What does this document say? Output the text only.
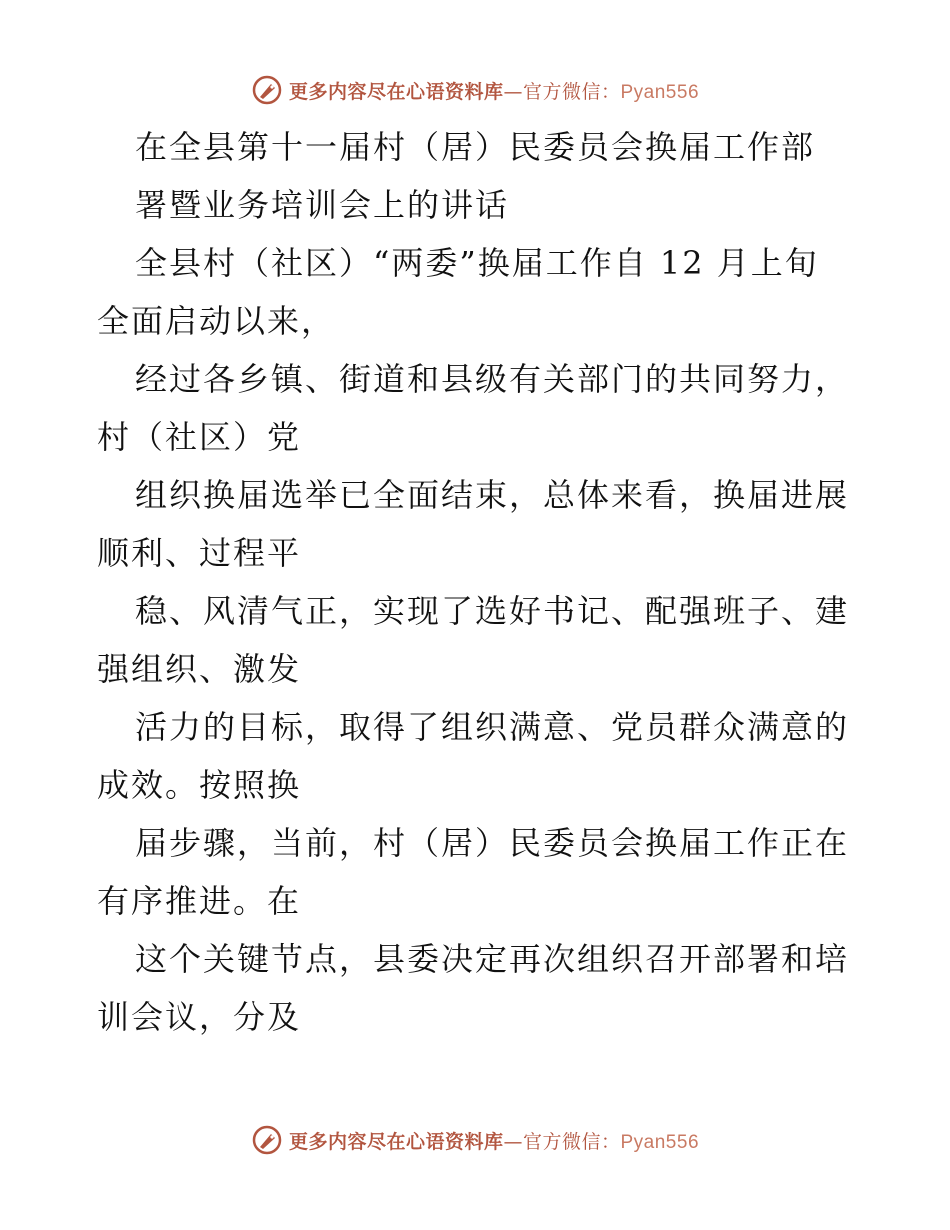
更多内容尽在心语资料库—官方微信：Pyan556
在全县第十一届村（居）民委员会换届工作部
署暨业务培训会上的讲话
全县村（社区）“两委”换届工作自 12 月上旬
全面启动以来，
经过各乡镇、街道和县级有关部门的共同努力，
村（社区）党
组织换届选举已全面结束，总体来看，换届进展
顺利、过程平
稳、风清气正，实现了选好书记、配强班子、建
强组织、激发
活力的目标，取得了组织满意、党员群众满意的
成效。按照换
届步骤，当前，村（居）民委员会换届工作正在
有序推进。在
这个关键节点，县委决定再次组织召开部署和培
训会议，分及
更多内容尽在心语资料库—官方微信：Pyan556
